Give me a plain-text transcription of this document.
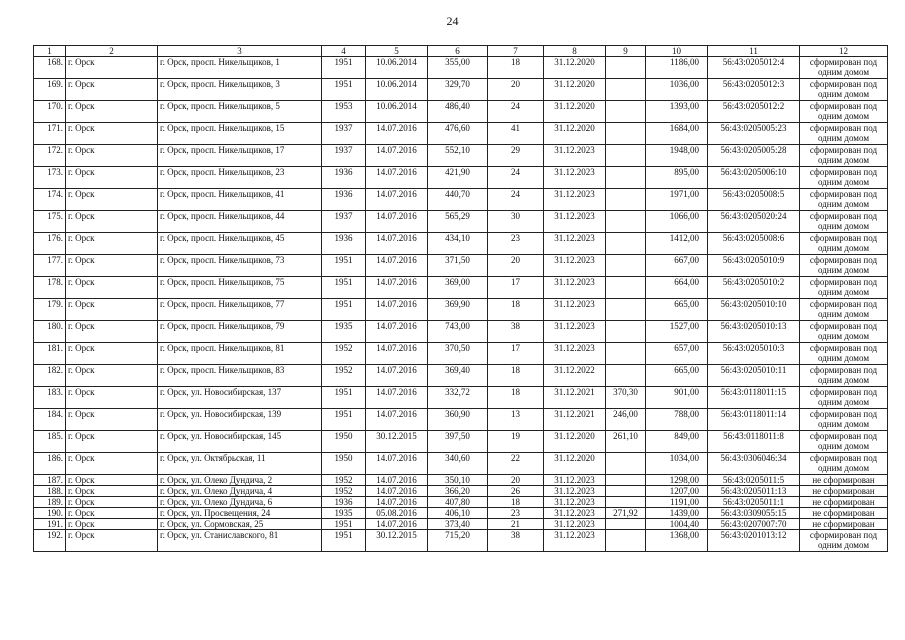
24
1	2	3	4	5	6	7	8	9	10	11	12
168.	г. Орск	г. Орск, просп. Никельщиков, 1	1951	10.06.2014	355,00	18	31.12.2020		1186,00	56:43:0205012:4	сформирован под одним домом
169.	г. Орск	г. Орск, просп. Никельщиков, 3	1951	10.06.2014	329,70	20	31.12.2020		1036,00	56:43:0205012:3	сформирован под одним домом
170.	г. Орск	г. Орск, просп. Никельщиков, 5	1953	10.06.2014	486,40	24	31.12.2020		1393,00	56:43:0205012:2	сформирован под одним домом
171.	г. Орск	г. Орск, просп. Никельщиков, 15	1937	14.07.2016	476,60	41	31.12.2020		1684,00	56:43:0205005:23	сформирован под одним домом
172.	г. Орск	г. Орск, просп. Никельщиков, 17	1937	14.07.2016	552,10	29	31.12.2023		1948,00	56:43:0205005:28	сформирован под одним домом
173.	г. Орск	г. Орск, просп. Никельщиков, 23	1936	14.07.2016	421,90	24	31.12.2023		895,00	56:43:0205006:10	сформирован под одним домом
174.	г. Орск	г. Орск, просп. Никельщиков, 41	1936	14.07.2016	440,70	24	31.12.2023		1971,00	56:43:0205008:5	сформирован под одним домом
175.	г. Орск	г. Орск, просп. Никельщиков, 44	1937	14.07.2016	565,29	30	31.12.2023		1066,00	56:43:0205020:24	сформирован под одним домом
176.	г. Орск	г. Орск, просп. Никельщиков, 45	1936	14.07.2016	434,10	23	31.12.2023		1412,00	56:43:0205008:6	сформирован под одним домом
177.	г. Орск	г. Орск, просп. Никельщиков, 73	1951	14.07.2016	371,50	20	31.12.2023		667,00	56:43:0205010:9	сформирован под одним домом
178.	г. Орск	г. Орск, просп. Никельщиков, 75	1951	14.07.2016	369,00	17	31.12.2023		664,00	56:43:0205010:2	сформирован под одним домом
179.	г. Орск	г. Орск, просп. Никельщиков, 77	1951	14.07.2016	369,90	18	31.12.2023		665,00	56:43:0205010:10	сформирован под одним домом
180.	г. Орск	г. Орск, просп. Никельщиков, 79	1935	14.07.2016	743,00	38	31.12.2023		1527,00	56:43:0205010:13	сформирован под одним домом
181.	г. Орск	г. Орск, просп. Никельщиков, 81	1952	14.07.2016	370,50	17	31.12.2023		657,00	56:43:0205010:3	сформирован под одним домом
182.	г. Орск	г. Орск, просп. Никельщиков, 83	1952	14.07.2016	369,40	18	31.12.2022		665,00	56:43:0205010:11	сформирован под одним домом
183.	г. Орск	г. Орск, ул. Новосибирская, 137	1951	14.07.2016	332,72	18	31.12.2021	370,30	901,00	56:43:0118011:15	сформирован под одним домом
184.	г. Орск	г. Орск, ул. Новосибирская, 139	1951	14.07.2016	360,90	13	31.12.2021	246,00	788,00	56:43:0118011:14	сформирован под одним домом
185.	г. Орск	г. Орск, ул. Новосибирская, 145	1950	30.12.2015	397,50	19	31.12.2020	261,10	849,00	56:43:0118011:8	сформирован под одним домом
186.	г. Орск	г. Орск, ул. Октябрьская, 11	1950	14.07.2016	340,60	22	31.12.2020		1034,00	56:43:0306046:34	сформирован под одним домом
187.	г. Орск	г. Орск, ул. Олеко Дундича, 2	1952	14.07.2016	350,10	20	31.12.2023		1298,00	56:43:0205011:5	не сформирован
188.	г. Орск	г. Орск, ул. Олеко Дундича, 4	1952	14.07.2016	366,20	26	31.12.2023		1207,00	56:43:0205011:13	не сформирован
189.	г. Орск	г. Орск, ул. Олеко Дундича, 6	1936	14.07.2016	407,80	18	31.12.2023		1191,00	56:43:0205011:1	не сформирован
190.	г. Орск	г. Орск, ул. Просвещения, 24	1935	05.08.2016	406,10	23	31.12.2023	271,92	1439,00	56:43:0309055:15	не сформирован
191.	г. Орск	г. Орск, ул. Сормовская, 25	1951	14.07.2016	373,40	21	31.12.2023		1004,40	56:43:0207007:70	не сформирован
192.	г. Орск	г. Орск, ул. Станиславского, 81	1951	30.12.2015	715,20	38	31.12.2023		1368,00	56:43:0201013:12	сформирован под одним домом
